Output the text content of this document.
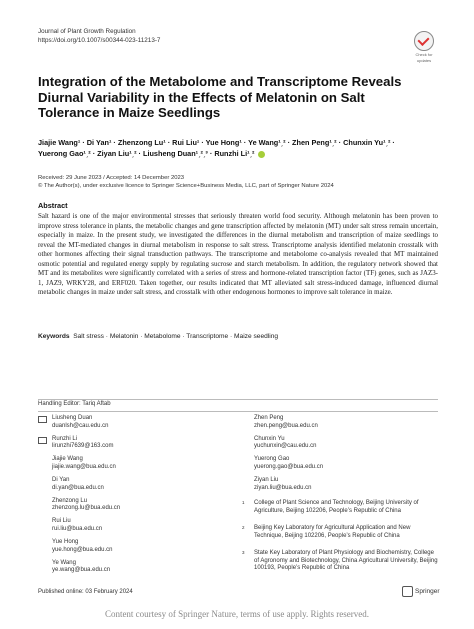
Journal of Plant Growth Regulation
https://doi.org/10.1007/s00344-023-11213-7
Check for
updates
Integration of the Metabolome and Transcriptome Reveals Diurnal Variability in the Effects of Melatonin on Salt Tolerance in Maize Seedlings
Jiajie Wang¹ · Di Yan¹ · Zhenzong Lu¹ · Rui Liu¹ · Yue Hong¹ · Ye Wang¹ˏ² · Zhen Peng¹ˏ² · Chunxin Yu¹ˏ² ·
Yuerong Gao¹ˏ² · Ziyan Liu¹ˏ² · Liusheng Duan¹ˏ²ˏ³ · Runzhi Li¹ˏ²
Received: 29 June 2023 / Accepted: 14 December 2023
© The Author(s), under exclusive licence to Springer Science+Business Media, LLC, part of Springer Nature 2024
Abstract
Salt hazard is one of the major environmental stresses that seriously threaten world food security. Although melatonin has been proven to improve stress tolerance in plants, the metabolic changes and gene transcription affected by melatonin (MT) under salt stress remain uncertain, especially in maize. In the present study, we investigated the differences in the diurnal metabolism and transcription of maize seedlings to reveal the MT-mediated changes in diurnal metabolism in response to salt stress. Transcriptome analysis identified melatonin crosstalk with other hormones affecting their signal transduction pathways. The transcriptome and metabolome co-analysis revealed that MT maintained osmotic potential and regulated energy supply by regulating sucrose and starch metabolism. In addition, the regulatory network showed that MT and its metabolites were significantly correlated with a series of stress and hormone-related transcription factor (TF) genes, such as JAZ3-1, JAZ9, WRKY28, and ERF020. Taken together, our results indicated that MT alleviated salt stress-induced damage, influenced diurnal metabolic changes in maize under salt stress, and crosstalk with other endogenous hormones to improve salt tolerance in maize.
Keywords Salt stress · Melatonin · Metabolome · Transcriptome · Maize seedling
Handling Editor: Tariq Aftab
Liusheng Duan
duanlsh@cau.edu.cn
Runzhi Li
lirunzhi7639@163.com
Jiajie Wang
jiajie.wang@bua.edu.cn
Di Yan
di.yan@bua.edu.cn
Zhenzong Lu
zhenzong.lu@bua.edu.cn
Rui Liu
rui.liu@bua.edu.cn
Yue Hong
yue.hong@bua.edu.cn
Ye Wang
ye.wang@bua.edu.cn
Zhen Peng
zhen.peng@bua.edu.cn
Chunxin Yu
yuchunxin@cau.edu.cn
Yuerong Gao
yuerong.gao@bua.edu.cn
Ziyan Liu
ziyan.liu@bua.edu.cn
1 College of Plant Science and Technology, Beijing University of Agriculture, Beijing 102206, People’s Republic of China
2 Beijing Key Laboratory for Agricultural Application and New Technique, Beijing 102206, People’s Republic of China
3 State Key Laboratory of Plant Physiology and Biochemistry, College of Agronomy and Biotechnology, China Agricultural University, Beijing 100193, People’s Republic of China
Published online: 03 February 2024	Springer
Content courtesy of Springer Nature, terms of use apply. Rights reserved.
